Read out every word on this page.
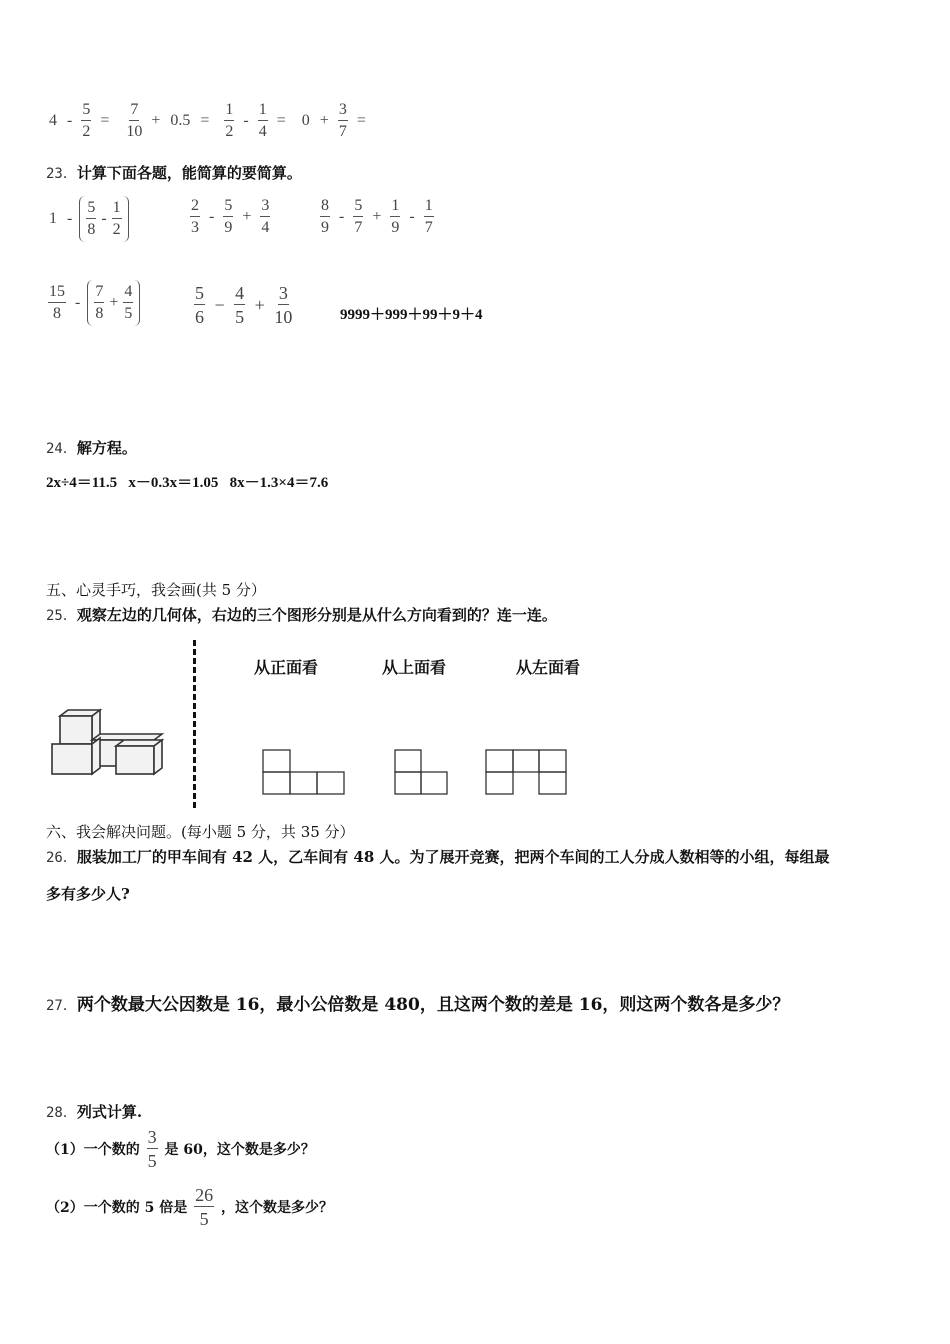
$4 - \frac{5}{2} = \frac{7}{10} + 0.5 = \frac{1}{2} - \frac{1}{4} = 0 + \frac{3}{7}$ =
23．计算下面各题，能简算的要简算。
$1 - \frac{5}{8} - \frac{1}{2}$	$\frac{2}{3} - \frac{5}{9} + \frac{3}{4}$	$\frac{8}{9} - \frac{5}{7} + \frac{1}{9} - \frac{1}{7}$
$\frac{15}{8} - \frac{7}{8} + \frac{4}{5}$	$\frac{5}{6} - \frac{4}{5} + \frac{3}{10}$	9999＋999＋99＋9＋4
24．解方程。
2x÷4＝11.5   x－0.3x＝1.05   8x－1.3×4＝7.6
五、心灵手巧，我会画(共 5 分）
25．观察左边的几何体，右边的三个图形分别是从什么方向看到的？连一连。
从正面看	从上面看	从左面看
六、我会解决问题。(每小题 5 分，共 35 分）
26．服装加工厂的甲车间有 42 人，乙车间有 48 人。为了展开竞赛，把两个车间的工人分成人数相等的小组，每组最
多有多少人?
27．两个数最大公因数是 16，最小公倍数是 480，且这两个数的差是 16，则这两个数各是多少？
28．列式计算.
（1）一个数的 $\frac{3}{5}$ 是 60，这个数是多少？
（2）一个数的 5 倍是 $\frac{26}{5}$ ，这个数是多少？
